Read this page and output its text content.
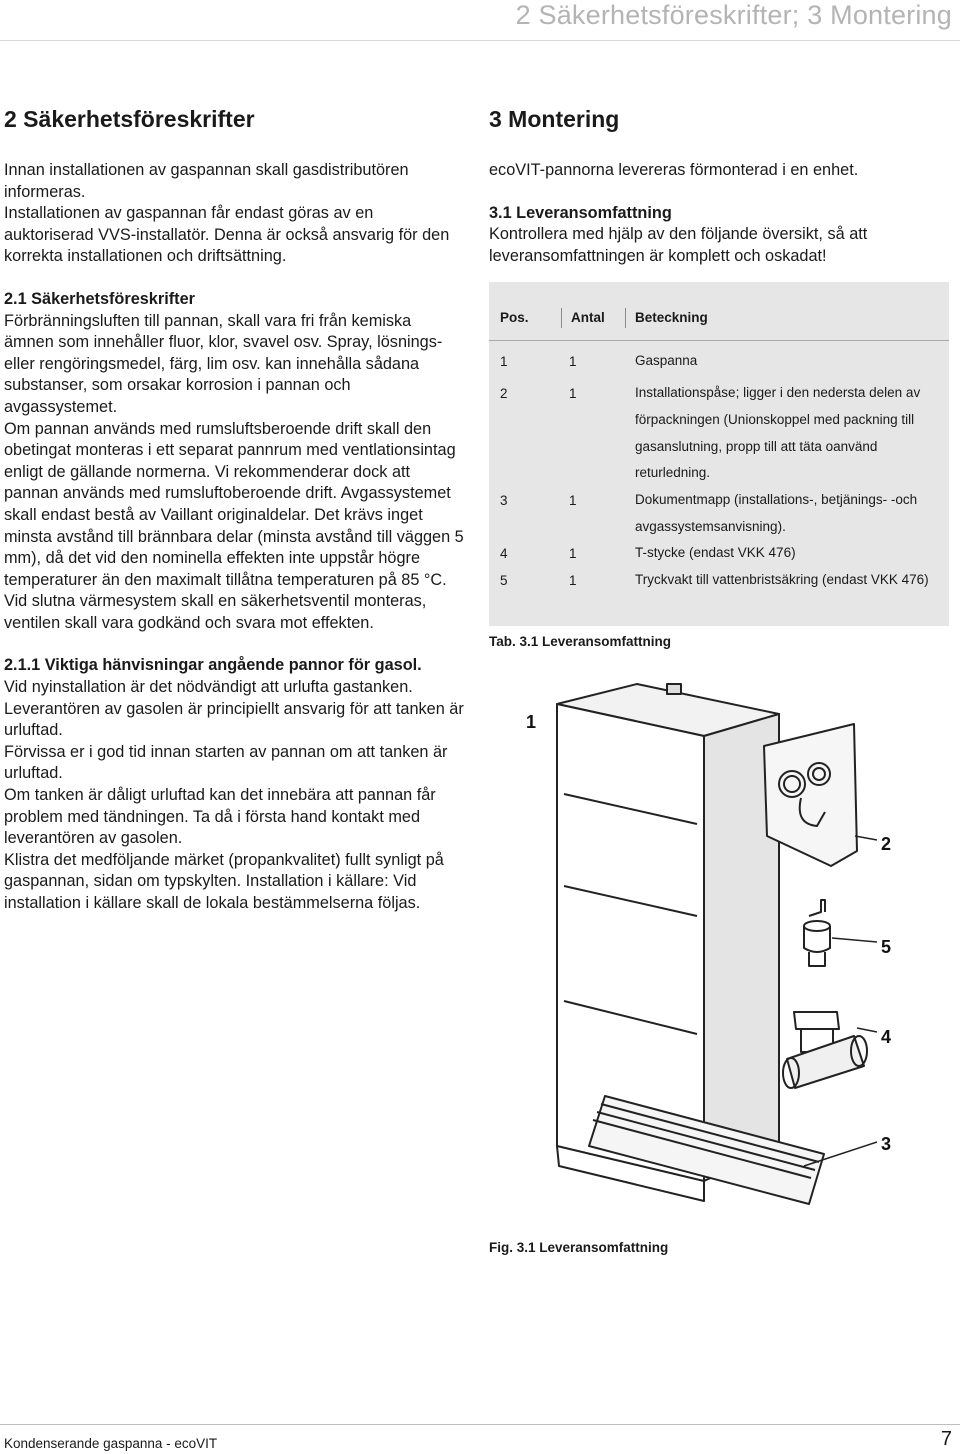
2 Säkerhetsföreskrifter; 3 Montering
2 Säkerhetsföreskrifter

Innan installationen av gaspannan skall gasdistributören informeras.

Installationen av gaspannan får endast göras av en auktoriserad VVS-installatör. Denna är också ansvarig för den korrekta installationen och driftsättning.

2.1 Säkerhetsföreskrifter

Förbränningsluften till pannan, skall vara fri från kemiska ämnen som innehåller fluor, klor, svavel osv. Spray, lösnings- eller rengöringsmedel, färg, lim osv. kan innehålla sådana substanser, som orsakar korrosion i pannan och avgassystemet.

Om pannan används med rumsluftsberoende drift skall den obetingat monteras i ett separat pannrum med ventlationsintag enligt de gällande normerna. Vi rekommenderar dock att pannan används med rumsluftoberoende drift. Avgassystemet skall endast bestå av Vaillant originaldelar. Det krävs inget minsta avstånd till brännbara delar (minsta avstånd till väggen 5 mm), då det vid den nominella effekten inte uppstår högre temperaturer än den maximalt tillåtna temperaturen på 85 °C.

Vid slutna värmesystem skall en säkerhetsventil monteras, ventilen skall vara godkänd och svara mot effekten.

2.1.1 Viktiga hänvisningar angående pannor för gasol.

Vid nyinstallation är det nödvändigt att urlufta gastanken. Leverantören av gasolen är principiellt ansvarig för att tanken är urluftad.

Förvissa er i god tid innan starten av pannan om att tanken är urluftad.

Om tanken är dåligt urluftad kan det innebära att pannan får problem med tändningen. Ta då i första hand kontakt med leverantören av gasolen.

Klistra det medföljande märket (propankvalitet) fullt synligt på gaspannan, sidan om typskylten. Installation i källare: Vid installation i källare skall de lokala bestämmelserna följas.

3 Montering

ecoVIT-pannorna levereras förmonterad i en enhet.

3.1 Leveransomfattning

Kontrollera med hjälp av den följande översikt, så att leveransomfattningen är komplett och oskadat!

Pos.	Antal Beteckning
1	1	Gaspanna
2	1	Installationspåse; ligger i den nedersta delen av förpackningen (Unionskoppel med packning till gasanslutning, propp till att täta oanvänd returledning.
3	1	Dokumentmapp (installations-, betjänings- -och avgassystemsanvisning).
4	1	T-stycke (endast VKK 476)
5	1	Tryckvakt till vattenbristsäkring (endast VKK 476)
Tab. 3.1 Leveransomfattning
1
2
5
4
3
Fig. 3.1 Leveransomfattning
Kondenserande gaspanna - ecoVIT	7
